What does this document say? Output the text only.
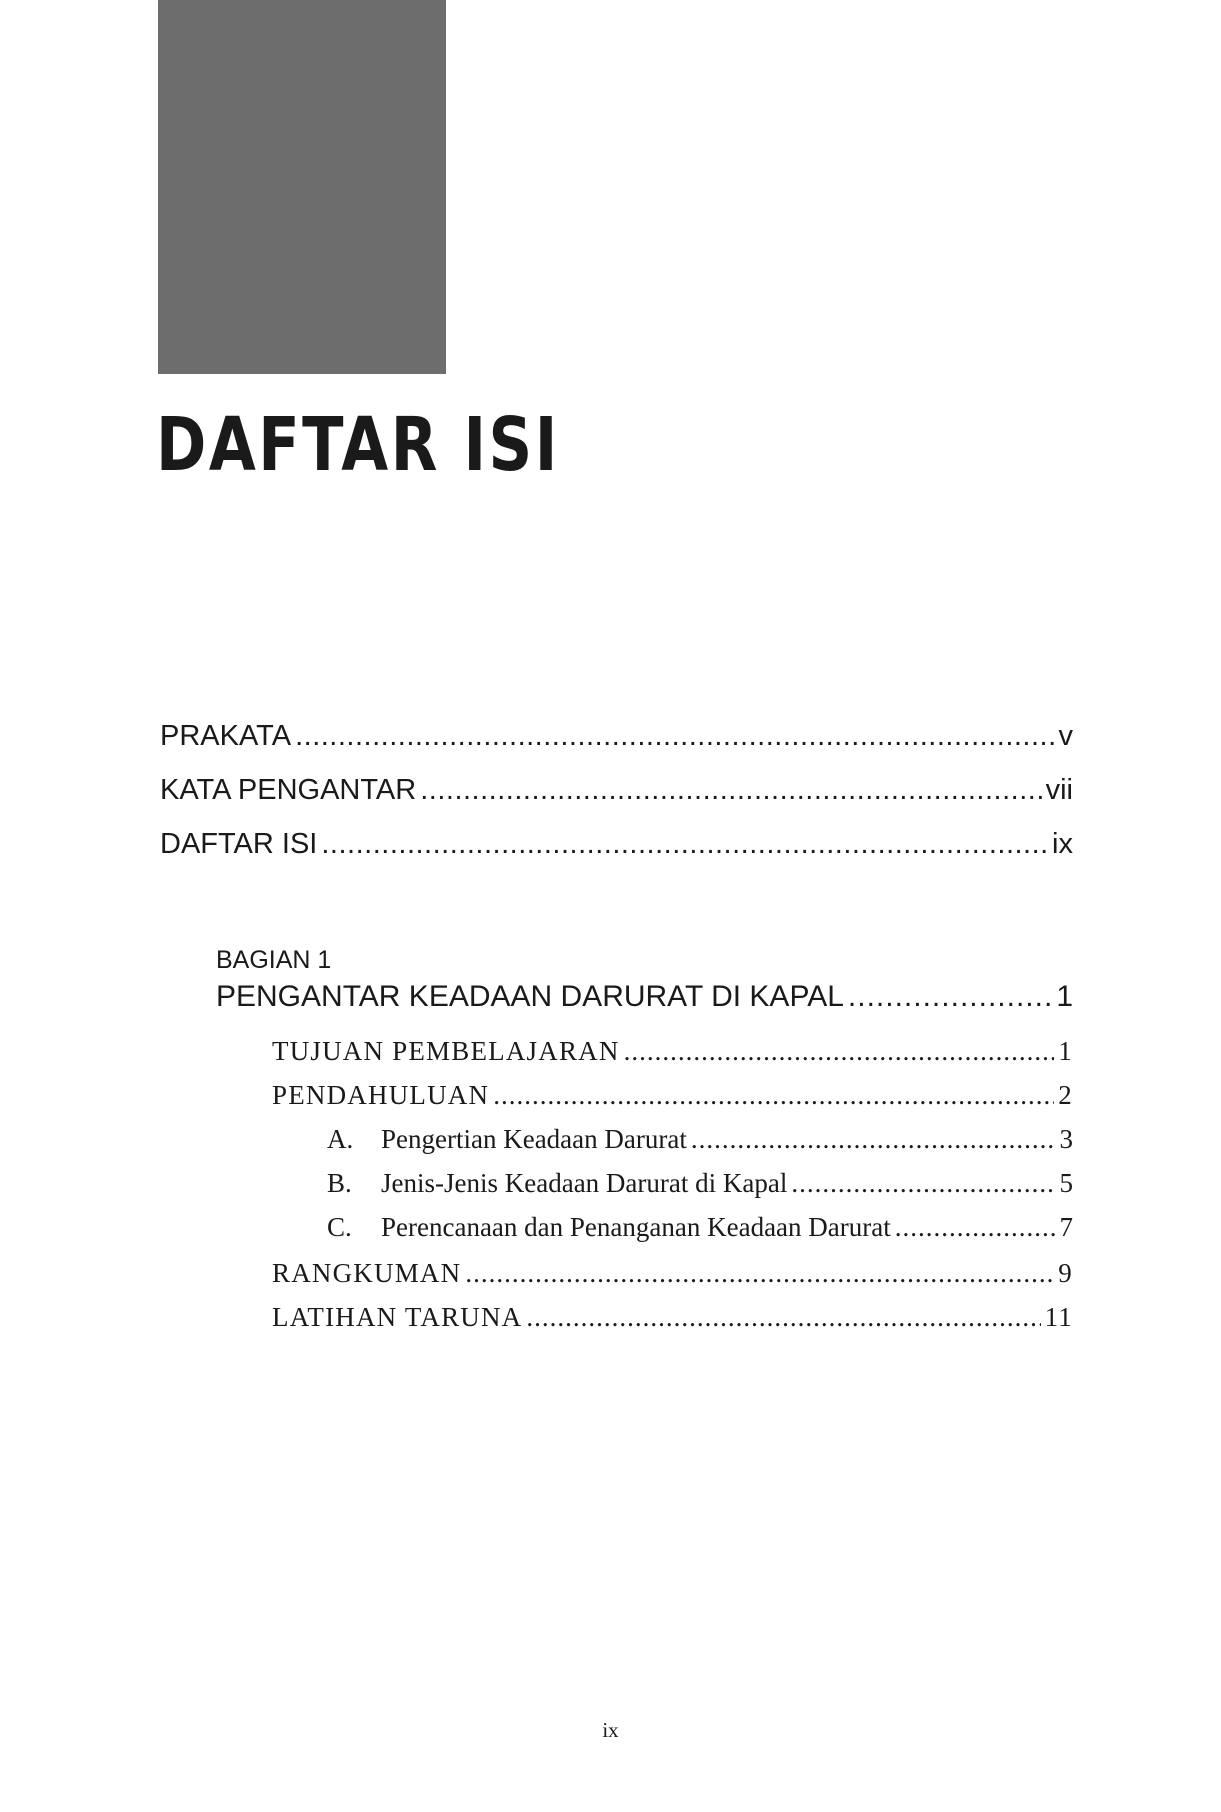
DAFTAR ISI
PRAKATA .....	v
KATA PENGANTAR .....	vii
DAFTAR ISI .....	ix
BAGIAN 1
PENGANTAR KEADAAN DARURAT DI KAPAL .....	1
TUJUAN PEMBELAJARAN .....	1
PENDAHULUAN .....	2
A.	Pengertian Keadaan Darurat .....	3
B.	Jenis-Jenis Keadaan Darurat di Kapal .....	5
C.	Perencanaan dan Penanganan Keadaan Darurat .....	7
RANGKUMAN .....	9
LATIHAN TARUNA .....	11
ix
